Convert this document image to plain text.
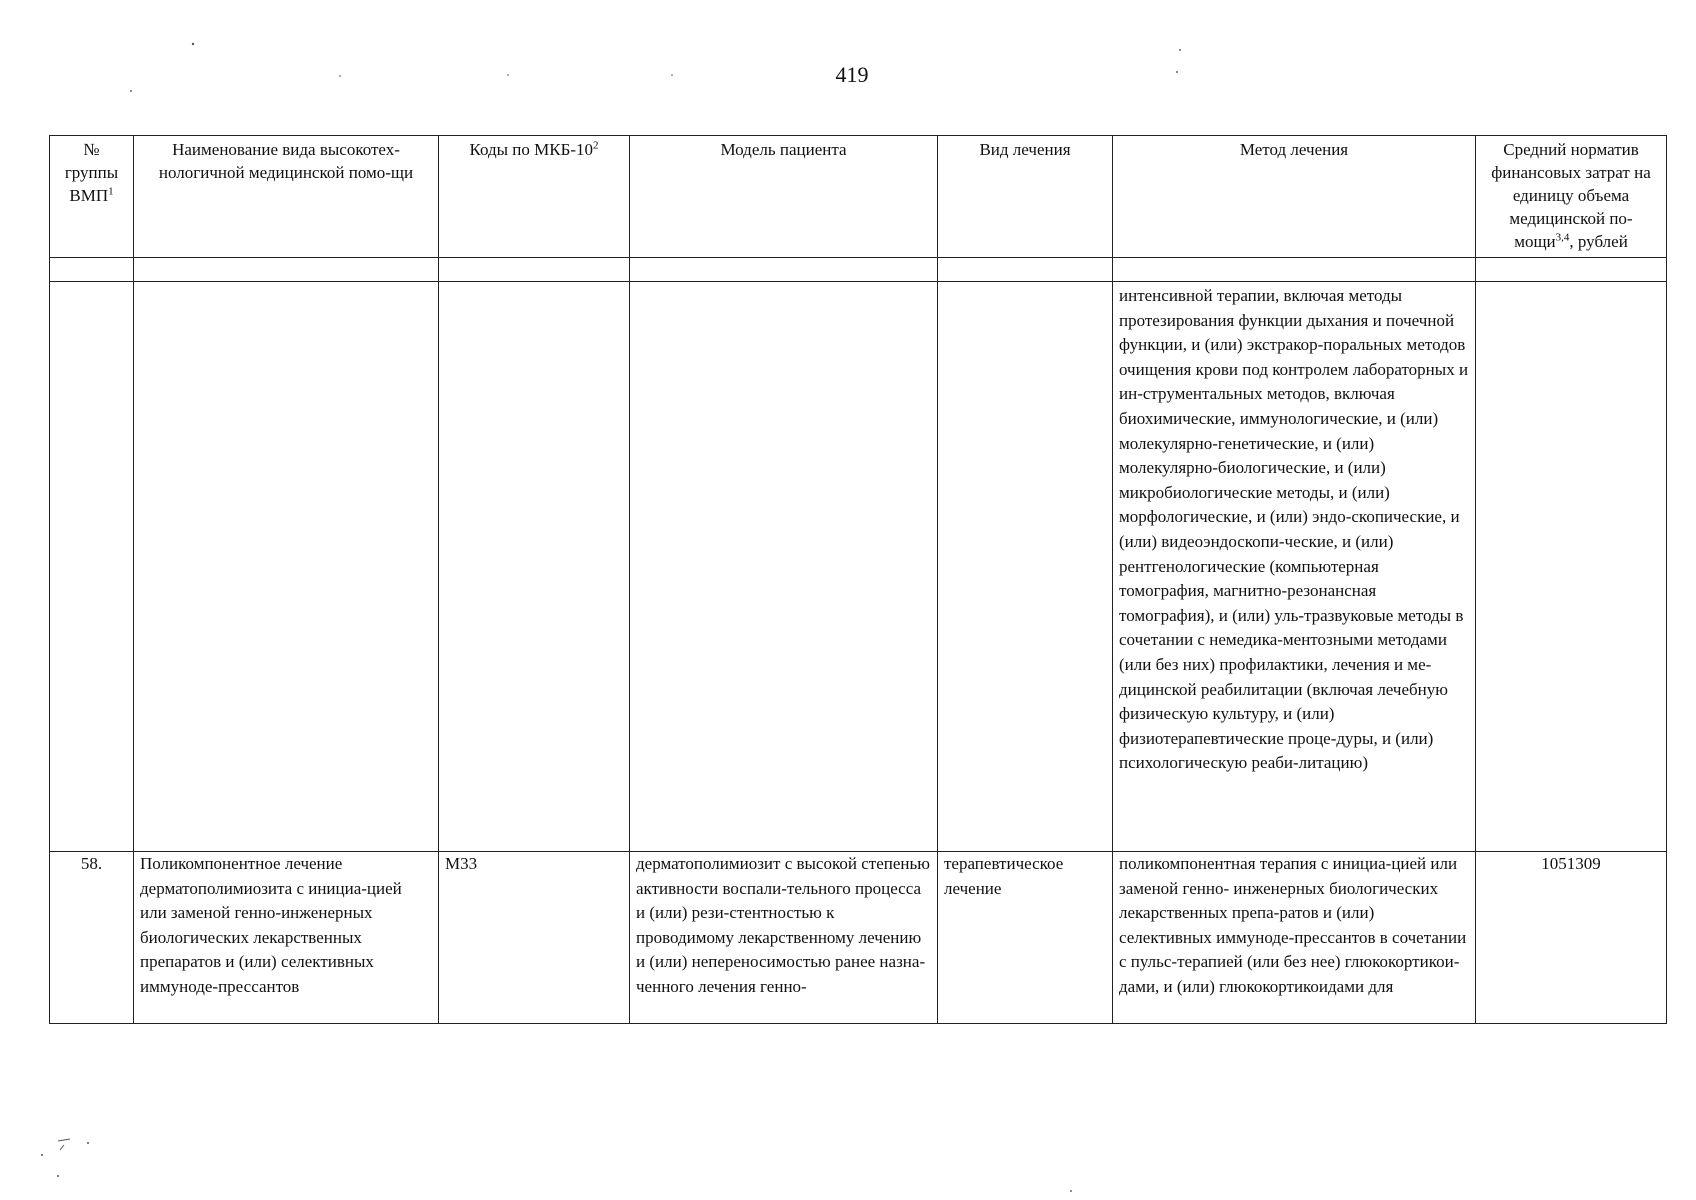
419
№ группы ВМП$^1$	Наименование вида высокотех-нологичной медицинской помо-щи	Коды по МКБ-$10^2$	Модель пациента	Вид лечения	Метод лечения	Средний норматив финансовых затрат на единицу объема медицинской по-мощи$^{3,4}$, рублей

					интенсивной терапии, включая методы протезирования функции дыхания и почечной функции, и (или) экстракор-поральных методов очищения крови под контролем лабораторных и ин-струментальных методов, включая биохимические, иммунологические, и (или) молекулярно-генетические, и (или) молекулярно-биологические, и (или) микробиологические методы, и (или) морфологические, и (или) эндо-скопические, и (или) видеоэндоскопи-ческие, и (или) рентгенологические (компьютерная томография, магнитно-резонансная томография), и (или) уль-тразвуковые методы в сочетании с немедика-ментозными методами (или без них) профилактики, лечения и ме-дицинской реабилитации (включая лечебную физическую культуру, и (или) физиотерапевтические проце-дуры, и (или) психологическую реаби-литацию)	
58.	Поликомпонентное лечение дерматополимиозита с инициа-цией или заменой генно-инженерных биологических лекарственных препаратов и (или) селективных иммуноде-прессантов	M33	дерматополимиозит с высокой степенью активности воспали-тельного процесса и (или) рези-стентностью к проводимому лекарственному лечению и (или) непереносимостью ранее назна-ченного лечения генно-	терапевтическое лечение	поликомпонентная терапия с инициа-цией или заменой генно- инженерных биологических лекарственных препа-ратов и (или) селективных иммуноде-прессантов в сочетании с пульс-терапией (или без нее) глюкокортикои-дами, и (или) глюкокортикоидами для	1051309
